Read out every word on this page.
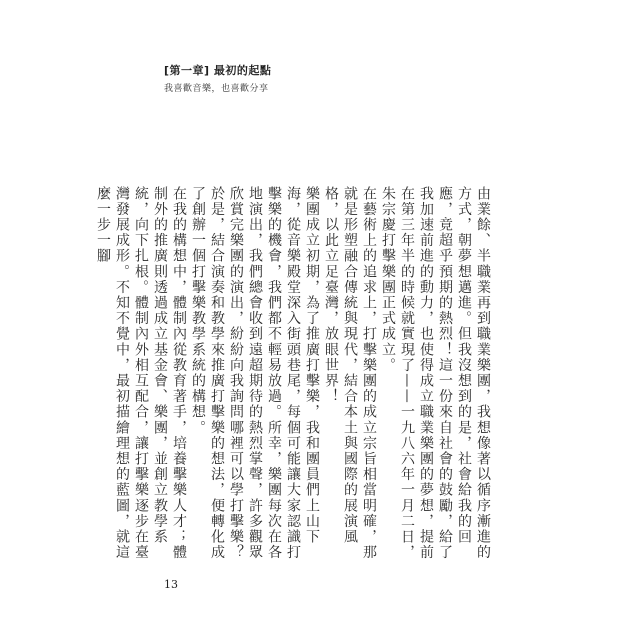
[第一章] 最初的起點
我喜歡音樂，也喜歡分享

由業餘、半職業再到職業樂團，我想像著以循序漸進的方式，朝夢想邁進。但我沒想到的是，社會給我的回應，竟超乎預期的熱烈！這一份來自社會的鼓勵，給了我加速前進的動力，也使得成立職業樂團的夢想，提前在第三年半的時候就實現了——一九八六年一月二日，朱宗慶打擊樂團正式成立。

在藝術上的追求上，打擊樂團的成立宗旨相當明確，那就是形塑融合傳統與現代，結合本土與國際的展演風格，以此立足臺灣，放眼世界！

樂團成立初期，為了推廣打擊樂，我和團員們上山下海，從音樂殿堂深入街頭巷尾，每個可能讓大家認識打擊樂的機會，我們都不輕易放過。所幸，樂團每次在各地演出，我們總會收到遠超期待的熱烈掌聲，許多觀眾欣賞完樂團的演出，紛紛向我詢問哪裡可以學打擊樂？於是，結合演奏和教學來推廣打擊樂的想法，便轉化成了創辦一個打擊樂教學系統的構想。

在我的構想中，體制內從教育著手，培養擊樂人才；體制外的推廣則透過成立基金會、樂團，並創立教學系統，向下扎根。體制內外相互配合，讓打擊樂逐步在臺灣發展成形。不知不覺中，最初描繪理想的藍圖，就這麼一步一腳

13
